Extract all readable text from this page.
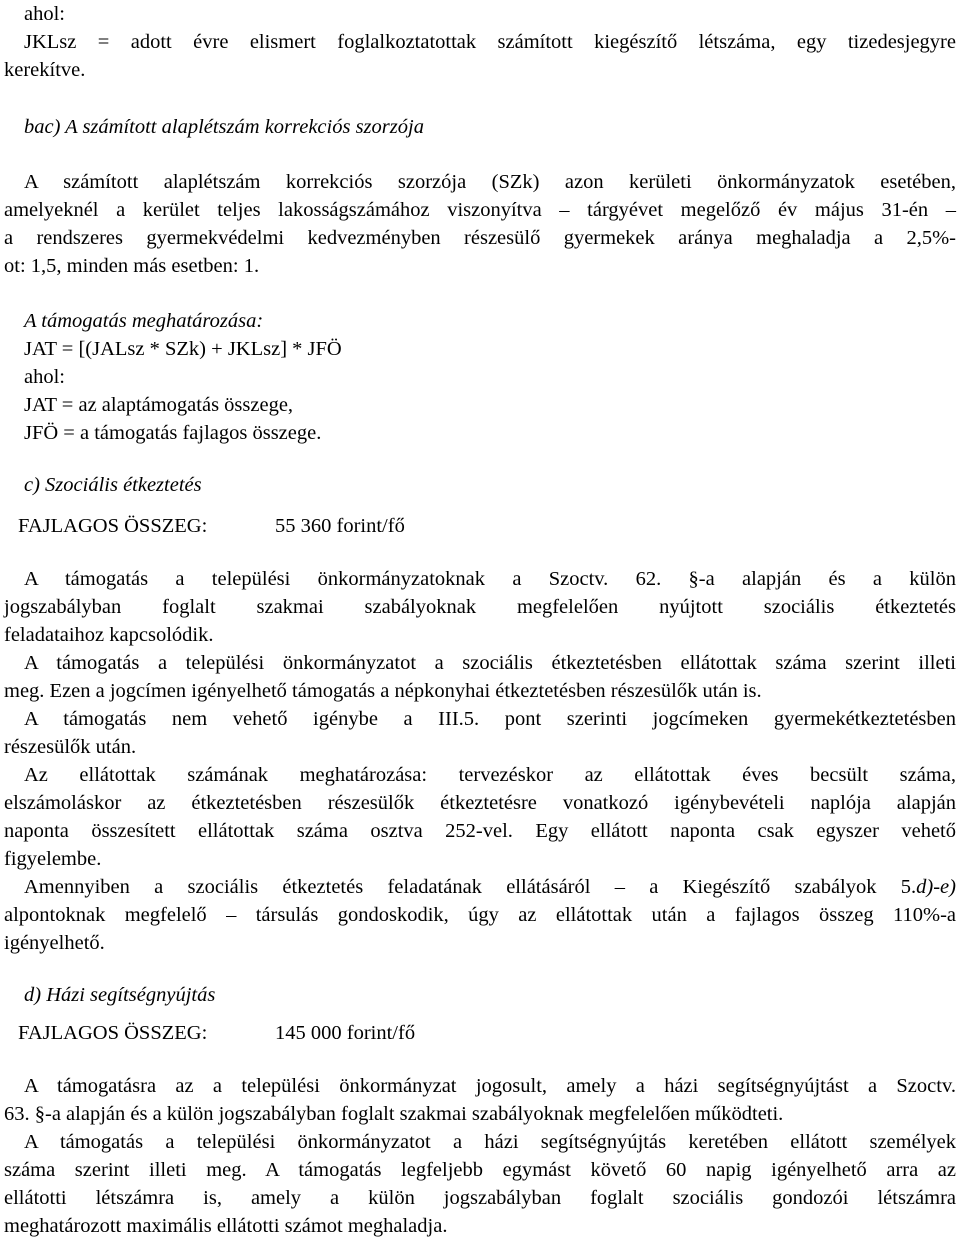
ahol:
JKLsz = adott évre elismert foglalkoztatottak számított kiegészítő létszáma, egy tizedesjegyre
kerekítve.
bac) A számított alaplétszám korrekciós szorzója
A számított alaplétszám korrekciós szorzója (SZk) azon kerületi önkormányzatok esetében,
amelyeknél a kerület teljes lakosságszámához viszonyítva – tárgyévet megelőző év május 31-én –
a rendszeres gyermekvédelmi kedvezményben részesülő gyermekek aránya meghaladja a 2,5%-
ot: 1,5, minden más esetben: 1.
A támogatás meghatározása:
JAT = [(JALsz * SZk) + JKLsz] * JFÖ
ahol:
JAT = az alaptámogatás összege,
JFÖ = a támogatás fajlagos összege.
c) Szociális étkeztetés
FAJLAGOS ÖSSZEG:	55 360 forint/fő
A támogatás a települési önkormányzatoknak a Szoctv. 62. §-a alapján és a külön
jogszabályban foglalt szakmai szabályoknak megfelelően nyújtott szociális étkeztetés
feladataihoz kapcsolódik.
A támogatás a települési önkormányzatot a szociális étkeztetésben ellátottak száma szerint illeti
meg. Ezen a jogcímen igényelhető támogatás a népkonyhai étkeztetésben részesülők után is.
A támogatás nem vehető igénybe a III.5. pont szerinti jogcímeken gyermekétkeztetésben
részesülők után.
Az ellátottak számának meghatározása: tervezéskor az ellátottak éves becsült száma,
elszámoláskor az étkeztetésben részesülők étkeztetésre vonatkozó igénybevételi naplója alapján
naponta összesített ellátottak száma osztva 252-vel. Egy ellátott naponta csak egyszer vehető
figyelembe.
Amennyiben a szociális étkeztetés feladatának ellátásáról – a Kiegészítő szabályok 5.d)-e)
alpontoknak megfelelő – társulás gondoskodik, úgy az ellátottak után a fajlagos összeg 110%-a
igényelhető.
d) Házi segítségnyújtás
FAJLAGOS ÖSSZEG:	145 000 forint/fő
A támogatásra az a települési önkormányzat jogosult, amely a házi segítségnyújtást a Szoctv.
63. §-a alapján és a külön jogszabályban foglalt szakmai szabályoknak megfelelően működteti.
A támogatás a települési önkormányzatot a házi segítségnyújtás keretében ellátott személyek
száma szerint illeti meg. A támogatás legfeljebb egymást követő 60 napig igényelhető arra az
ellátotti létszámra is, amely a külön jogszabályban foglalt szociális gondozói létszámra
meghatározott maximális ellátotti számot meghaladja.
